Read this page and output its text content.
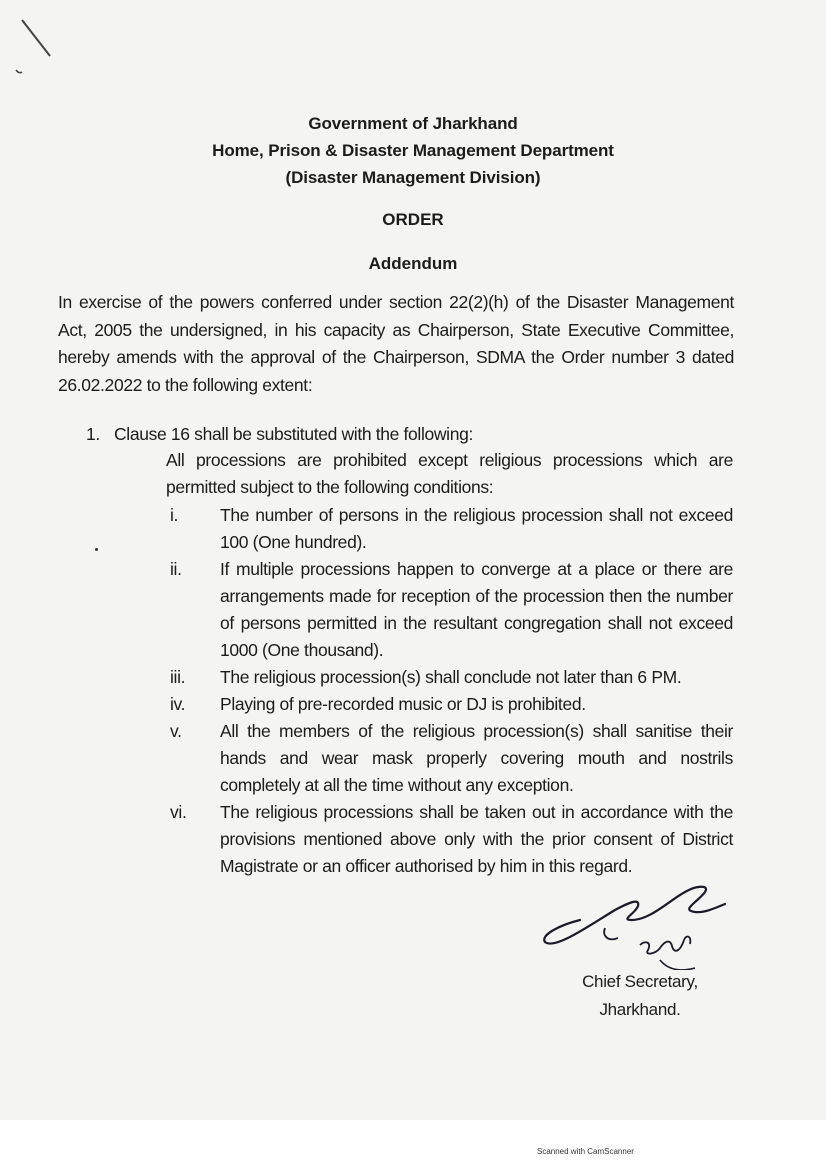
Government of Jharkhand
Home, Prison & Disaster Management Department
(Disaster Management Division)
ORDER
Addendum
In exercise of the powers conferred under section 22(2)(h) of the Disaster Management Act, 2005 the undersigned, in his capacity as Chairperson, State Executive Committee, hereby amends with the approval of the Chairperson, SDMA the Order number 3 dated 26.02.2022 to the following extent:
1. Clause 16 shall be substituted with the following:
All processions are prohibited except religious processions which are permitted subject to the following conditions:
i.	The number of persons in the religious procession shall not exceed 100 (One hundred).
ii.	If multiple processions happen to converge at a place or there are arrangements made for reception of the procession then the number of persons permitted in the resultant congregation shall not exceed 1000 (One thousand).
iii.	The religious procession(s) shall conclude not later than 6 PM.
iv.	Playing of pre-recorded music or DJ is prohibited.
v.	All the members of the religious procession(s) shall sanitise their hands and wear mask properly covering mouth and nostrils completely at all the time without any exception.
vi.	The religious processions shall be taken out in accordance with the provisions mentioned above only with the prior consent of District Magistrate or an officer authorised by him in this regard.
Chief Secretary,
Jharkhand.
Scanned with CamScanner
